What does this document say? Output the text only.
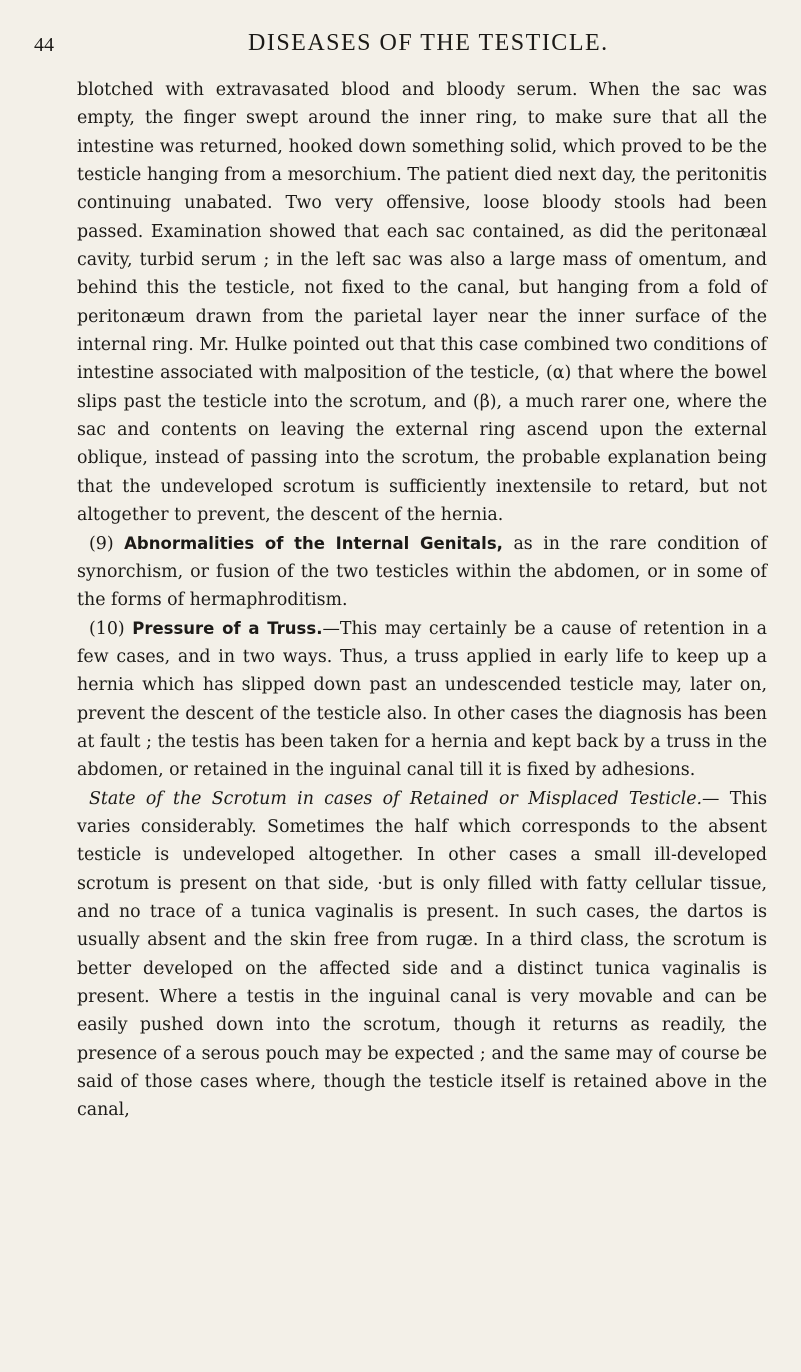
44	DISEASES OF THE TESTICLE.

blotched with extravasated blood and bloody serum. When the sac was empty, the finger swept around the inner ring, to make sure that all the intestine was returned, hooked down something solid, which proved to be the testicle hanging from a mesorchium. The patient died next day, the peritonitis continuing unabated. Two very offensive, loose bloody stools had been passed. Examination showed that each sac contained, as did the peritonæal cavity, turbid serum ; in the left sac was also a large mass of omentum, and behind this the testicle, not fixed to the canal, but hanging from a fold of peritonæum drawn from the parietal layer near the inner surface of the internal ring. Mr. Hulke pointed out that this case combined two conditions of intestine associated with malposition of the testicle, (α) that where the bowel slips past the testicle into the scrotum, and (β), a much rarer one, where the sac and contents on leaving the external ring ascend upon the external oblique, instead of passing into the scrotum, the probable explanation being that the undeveloped scrotum is sufficiently inextensile to retard, but not altogether to prevent, the descent of the hernia.

(9) Abnormalities of the Internal Genitals, as in the rare condition of synorchism, or fusion of the two testicles within the abdomen, or in some of the forms of hermaphroditism.

(10) Pressure of a Truss.—This may certainly be a cause of retention in a few cases, and in two ways. Thus, a truss applied in early life to keep up a hernia which has slipped down past an undescended testicle may, later on, prevent the descent of the testicle also. In other cases the diagnosis has been at fault ; the testis has been taken for a hernia and kept back by a truss in the abdomen, or retained in the inguinal canal till it is fixed by adhesions.

State of the Scrotum in cases of Retained or Misplaced Testicle.— This varies considerably. Sometimes the half which corresponds to the absent testicle is undeveloped altogether. In other cases a small ill-developed scrotum is present on that side, ·but is only filled with fatty cellular tissue, and no trace of a tunica vaginalis is present. In such cases, the dartos is usually absent and the skin free from rugæ. In a third class, the scrotum is better developed on the affected side and a distinct tunica vaginalis is present. Where a testis in the inguinal canal is very movable and can be easily pushed down into the scrotum, though it returns as readily, the presence of a serous pouch may be expected ; and the same may of course be said of those cases where, though the testicle itself is retained above in the canal,
